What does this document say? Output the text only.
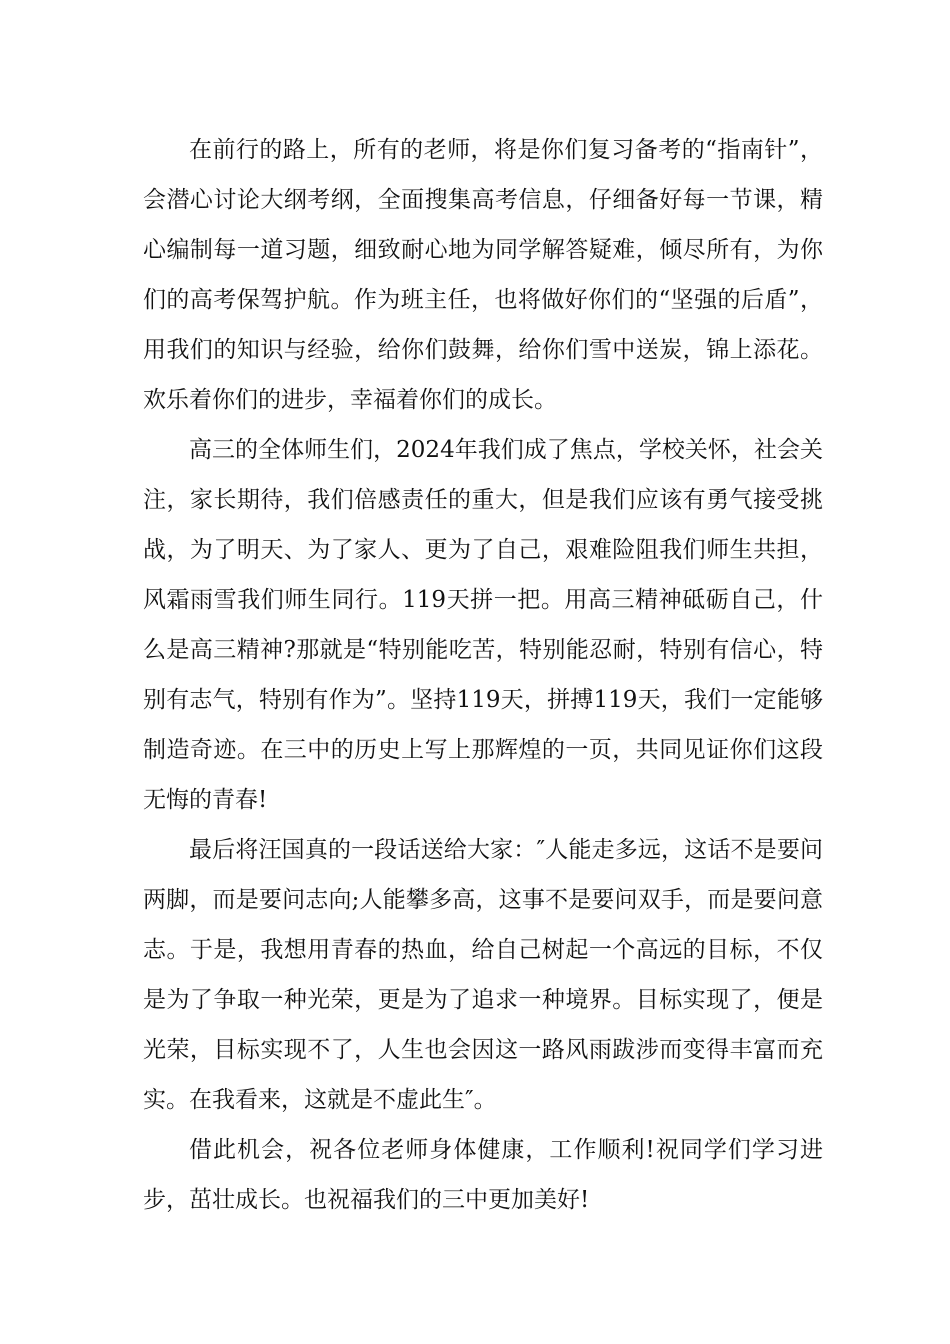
在前行的路上，所有的老师，将是你们复习备考的“指南针”，会潜心讨论大纲考纲，全面搜集高考信息，仔细备好每一节课，精心编制每一道习题，细致耐心地为同学解答疑难，倾尽所有，为你们的高考保驾护航。作为班主任，也将做好你们的“坚强的后盾”，用我们的知识与经验，给你们鼓舞，给你们雪中送炭，锦上添花。欢乐着你们的进步，幸福着你们的成长。

高三的全体师生们，2024年我们成了焦点，学校关怀，社会关注，家长期待，我们倍感责任的重大，但是我们应该有勇气接受挑战，为了明天、为了家人、更为了自己，艰难险阻我们师生共担，风霜雨雪我们师生同行。119天拼一把。用高三精神砥砺自己，什么是高三精神?那就是“特别能吃苦，特别能忍耐，特别有信心，特别有志气，特别有作为”。坚持119天，拼搏119天，我们一定能够制造奇迹。在三中的历史上写上那辉煌的一页，共同见证你们这段无悔的青春!

最后将汪国真的一段话送给大家：″人能走多远，这话不是要问两脚，而是要问志向;人能攀多高，这事不是要问双手，而是要问意志。于是，我想用青春的热血，给自己树起一个高远的目标，不仅是为了争取一种光荣，更是为了追求一种境界。目标实现了，便是光荣，目标实现不了，人生也会因这一路风雨跋涉而变得丰富而充实。在我看来，这就是不虚此生″。

借此机会，祝各位老师身体健康，工作顺利!祝同学们学习进步，茁壮成长。也祝福我们的三中更加美好!
